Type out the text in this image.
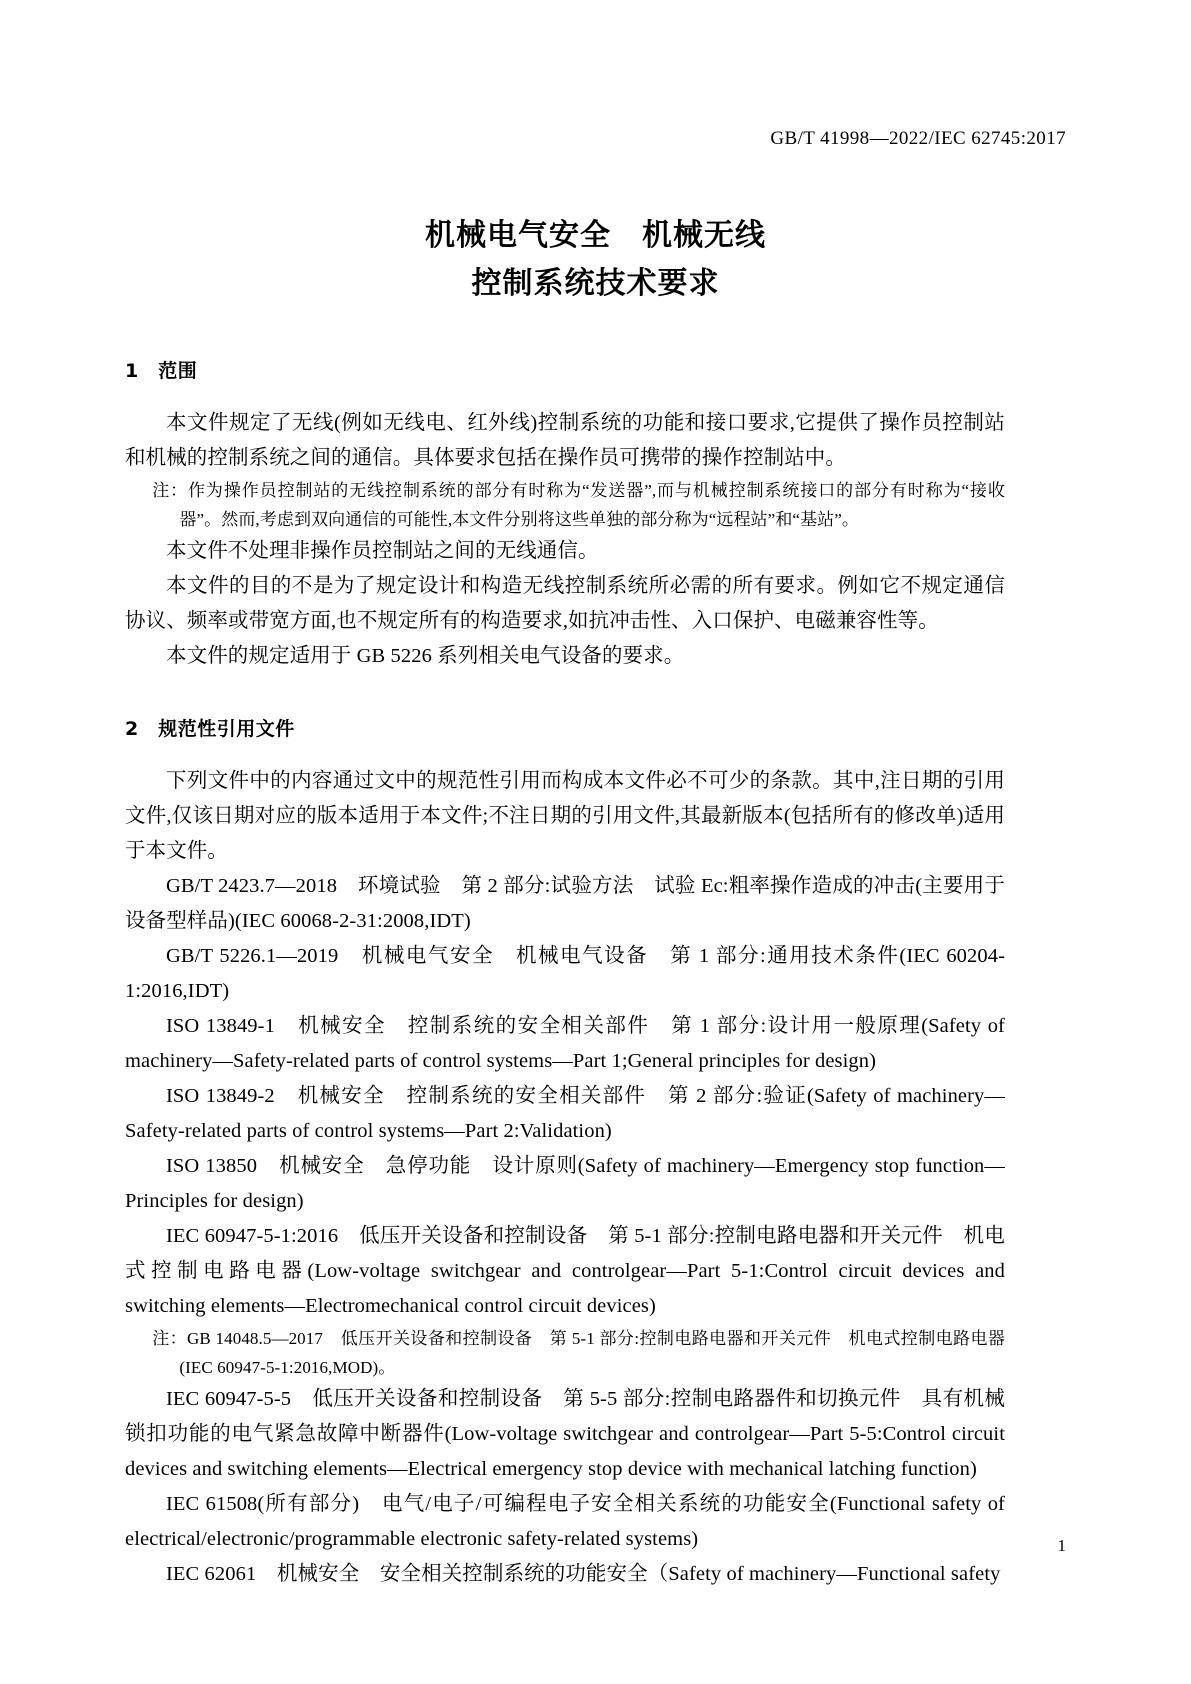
GB/T 41998—2022/IEC 62745:2017
机械电气安全　机械无线
控制系统技术要求
1　范围

本文件规定了无线(例如无线电、红外线)控制系统的功能和接口要求,它提供了操作员控制站和机械的控制系统之间的通信。具体要求包括在操作员可携带的操作控制站中。

注：作为操作员控制站的无线控制系统的部分有时称为“发送器”,而与机械控制系统接口的部分有时称为“接收器”。然而,考虑到双向通信的可能性,本文件分别将这些单独的部分称为“远程站”和“基站”。

本文件不处理非操作员控制站之间的无线通信。

本文件的目的不是为了规定设计和构造无线控制系统所必需的所有要求。例如它不规定通信协议、频率或带宽方面,也不规定所有的构造要求,如抗冲击性、入口保护、电磁兼容性等。

本文件的规定适用于 GB 5226 系列相关电气设备的要求。

2　规范性引用文件

下列文件中的内容通过文中的规范性引用而构成本文件必不可少的条款。其中,注日期的引用文件,仅该日期对应的版本适用于本文件;不注日期的引用文件,其最新版本(包括所有的修改单)适用于本文件。

GB/T 2423.7—2018　环境试验　第 2 部分:试验方法　试验 Ec:粗率操作造成的冲击(主要用于设备型样品)(IEC 60068-2-31:2008,IDT)

GB/T 5226.1—2019　机械电气安全　机械电气设备　第 1 部分:通用技术条件(IEC 60204-1:2016,IDT)

ISO 13849-1　机械安全　控制系统的安全相关部件　第 1 部分:设计用一般原理(Safety of machinery—Safety-related parts of control systems—Part 1;General principles for design)

ISO 13849-2　机械安全　控制系统的安全相关部件　第 2 部分:验证(Safety of machinery—Safety-related parts of control systems—Part 2:Validation)

ISO 13850　机械安全　急停功能　设计原则(Safety of machinery—Emergency stop function—Principles for design)

IEC 60947-5-1:2016　低压开关设备和控制设备　第 5-1 部分:控制电路电器和开关元件　机电式控制电路电器(Low-voltage switchgear and controlgear—Part 5-1:Control circuit devices and switching elements—Electromechanical control circuit devices)

注：GB 14048.5—2017　低压开关设备和控制设备　第 5-1 部分:控制电路电器和开关元件　机电式控制电路电器(IEC 60947-5-1:2016,MOD)。

IEC 60947-5-5　低压开关设备和控制设备　第 5-5 部分:控制电路器件和切换元件　具有机械锁扣功能的电气紧急故障中断器件(Low-voltage switchgear and controlgear—Part 5-5:Control circuit devices and switching elements—Electrical emergency stop device with mechanical latching function)

IEC 61508(所有部分)　电气/电子/可编程电子安全相关系统的功能安全(Functional safety of electrical/electronic/programmable electronic safety-related systems)

IEC 62061　机械安全　安全相关控制系统的功能安全（Safety of machinery—Functional safety

1
